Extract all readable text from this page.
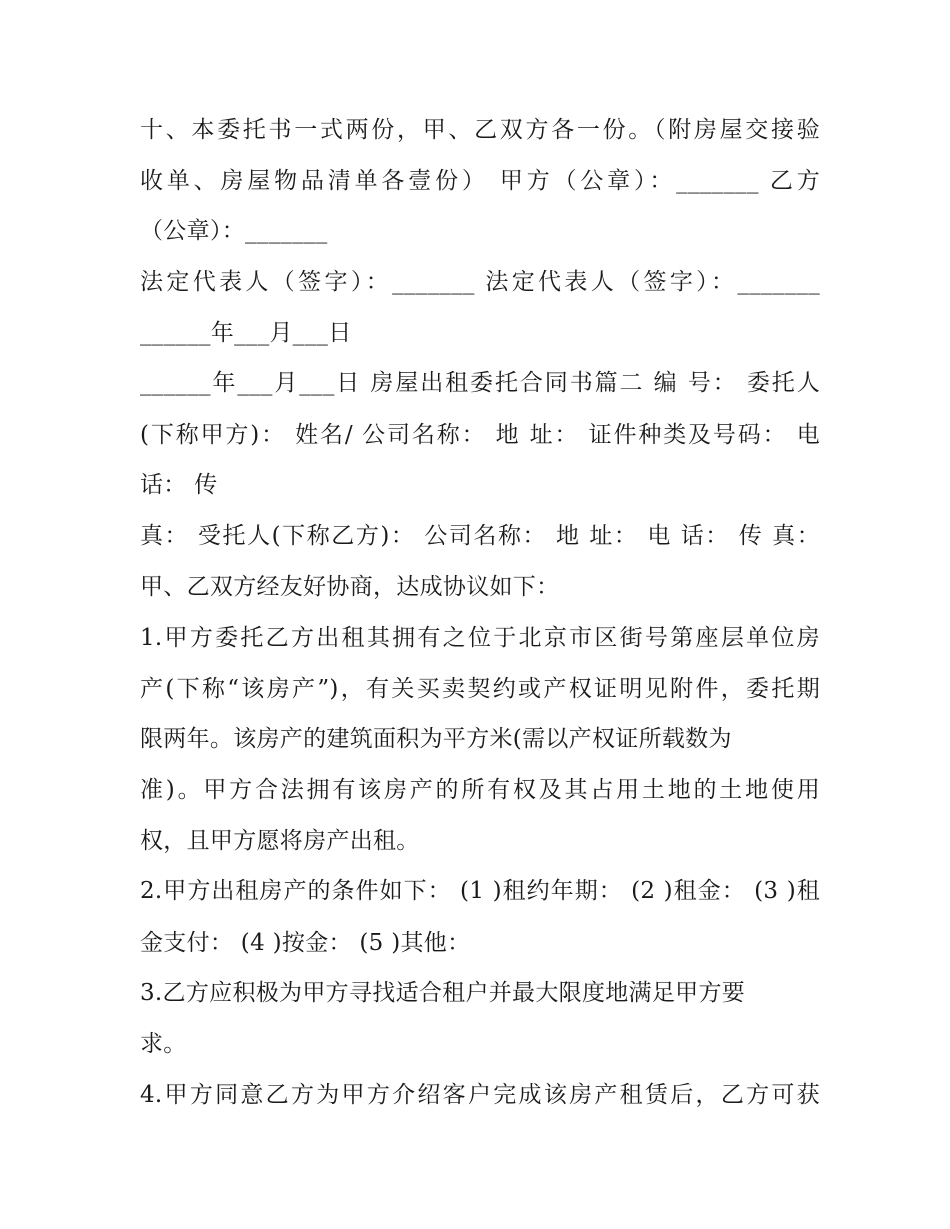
十、本委托书一式两份，甲、乙双方各一份。（附房屋交接验
收单、房屋物品清单各壹份） 甲方（公章）：_______ 乙方
（公章）：_______
法定代表人（签字）：_______ 法定代表人（签字）：_______
______年___月___日
______年___月___日 房屋出租委托合同书篇二 编 号： 委托人
(下称甲方)： 姓名/ 公司名称： 地 址： 证件种类及号码： 电
话： 传
真： 受托人(下称乙方)： 公司名称： 地 址： 电 话： 传 真：
甲、乙双方经友好协商，达成协议如下：
1.甲方委托乙方出租其拥有之位于北京市区街号第座层单位房
产(下称“该房产”)，有关买卖契约或产权证明见附件，委托期
限两年。该房产的建筑面积为平方米(需以产权证所载数为
准)。甲方合法拥有该房产的所有权及其占用土地的土地使用
权，且甲方愿将房产出租。
2.甲方出租房产的条件如下： (1 )租约年期： (2 )租金： (3 )租
金支付： (4 )按金： (5 )其他：
3.乙方应积极为甲方寻找适合租户并最大限度地满足甲方要
求。
4.甲方同意乙方为甲方介绍客户完成该房产租赁后，乙方可获
